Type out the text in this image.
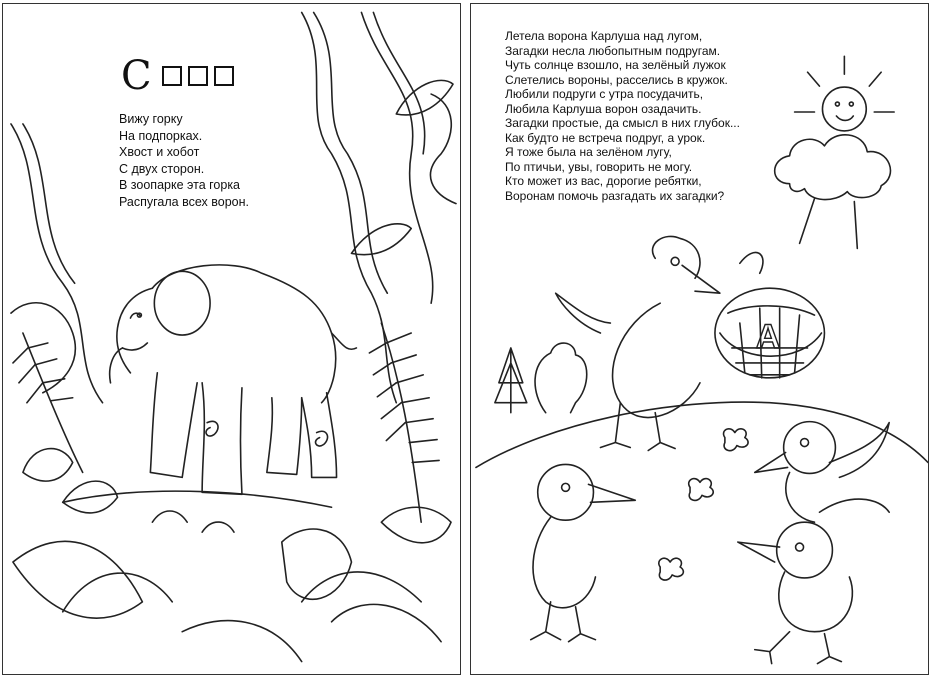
С
Вижу горку
На подпорках.
Хвост и хобот
С двух сторон.
В зоопарке эта горка
Распугала всех ворон.
Летела ворона Карлуша над лугом,
Загадки несла любопытным подругам.
Чуть солнце взошло, на зелёный лужок
Слетелись вороны, расселись в кружок.
Любили подруги с утра посудачить,
Любила Карлуша ворон озадачить.
Загадки простые, да смысл в них глубок...
Как будто не встреча подруг, а урок.
Я тоже была на зелёном лугу,
По птичьи, увы, говорить не могу.
Кто может из вас, дорогие ребятки,
Воронам помочь разгадать их загадки?
А
